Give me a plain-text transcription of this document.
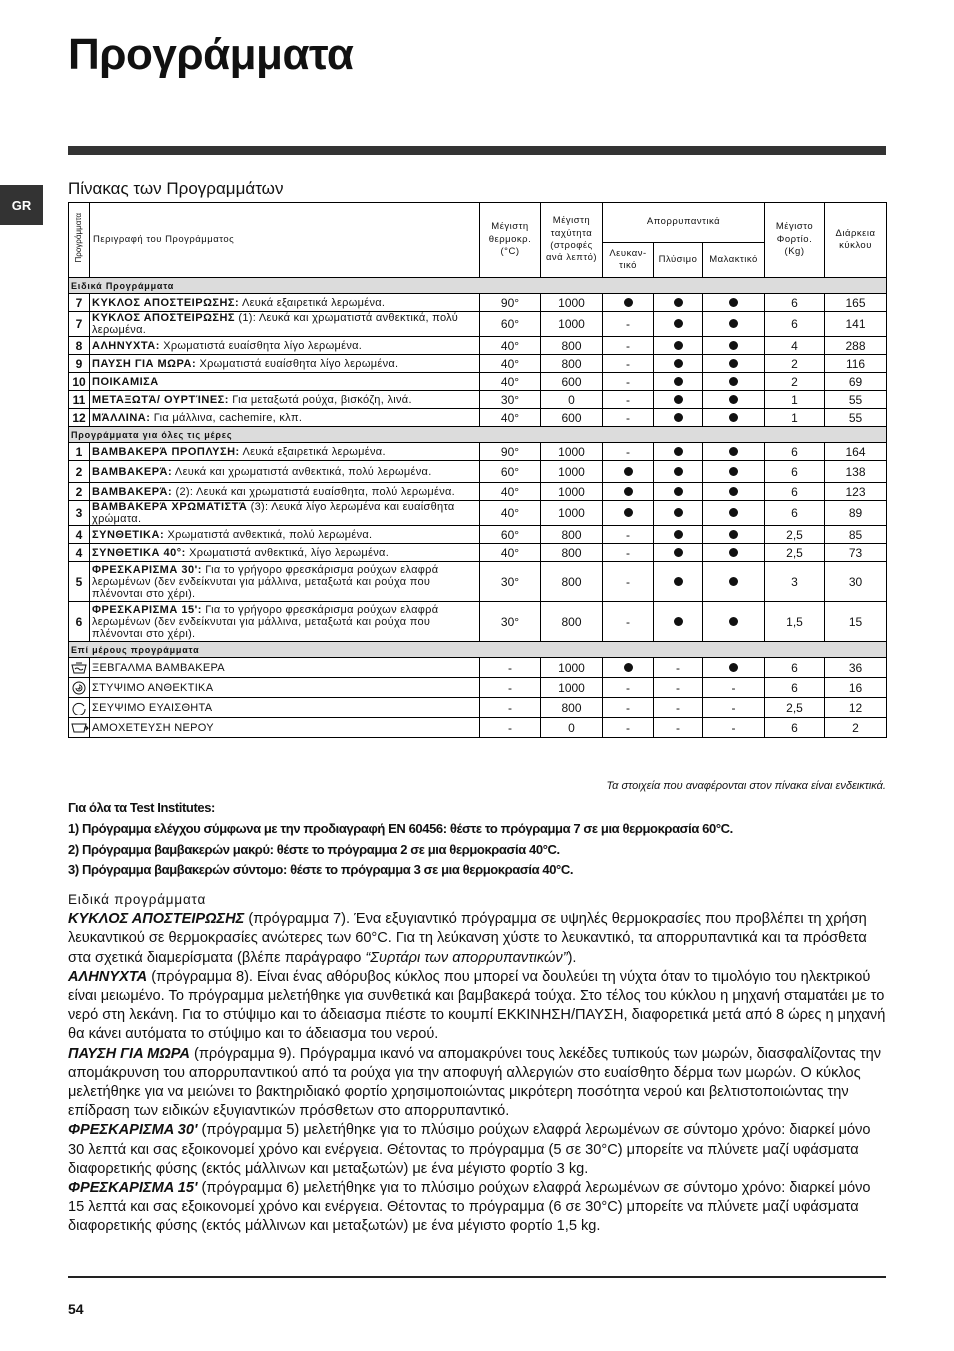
Προγράμματα
GR
Πίνακας των Προγραμμάτων
Προγράμματα	Περιγραφή του Προγράμματος	Μέγιστη θερμοκρ. (°C)	Μέγιστη ταχύτητα (στροφές ανά λεπτό)	Απορρυπαντικά			Μέγιστο Φορτίο. (Kg)	Διάρκεια κύκλου
				Λευκαν-τικό	Πλύσιμο	Μαλακτικό		
Ειδικά Προγράμματα								
7	ΚΥΚΛΟΣ ΑΠΟΣΤΕΙΡΩΣΗΣ: Λευκά εξαιρετικά λερωμένα.	90°	1000				6	165
7	ΚΥΚΛΟΣ ΑΠΟΣΤΕΙΡΩΣΗΣ (1): Λευκά και χρωματιστά ανθεκτικά, πολύ λερωμένα.	60°	1000	-			6	141
8	ΑΛΗΝΥΧΤΑ: Χρωματιστά ευαίσθητα λίγο λερωμένα.	40°	800	-			4	288
9	ΠΑΥΣΗ ΓΙΑ ΜΩΡΑ: Χρωματιστά ευαίσθητα λίγο λερωμένα.	40°	800	-			2	116
10	ΠΟΙΚΑΜΙΣΑ	40°	600	-			2	69
11	ΜΕΤΑΞΩΤΆ/ ΟΥΡΤΊΝΕΣ: Για μεταξωτά ρούχα, βισκόζη, λινά.	30°	0	-			1	55
12	ΜΆΛΛΙΝΑ: Για μάλλινα, cachemire, κλπ.	40°	600	-			1	55
Προγράμματα για όλες τις μέρες								
1	ΒΑΜΒΑΚΕΡΆ ΠΡΟΠΛΥΣΗ: Λευκά εξαιρετικά λερωμένα.	90°	1000	-			6	164
2	ΒΑΜΒΑΚΕΡΆ: Λευκά και χρωματιστά ανθεκτικά, πολύ λερωμένα.	60°	1000				6	138
2	ΒΑΜΒΑΚΕΡΆ: (2): Λευκά και χρωματιστά ευαίσθητα, πολύ λερωμένα.	40°	1000				6	123
3	ΒΑΜΒΑΚΕΡΆ ΧΡΩΜΑΤΙΣΤΆ (3): Λευκά λίγο λερωμένα και ευαίσθητα χρώματα.	40°	1000				6	89
4	ΣΥΝΘΕΤΙΚΑ: Χρωματιστά ανθεκτικά, πολύ λερωμένα.	60°	800	-			2,5	85
4	ΣΥΝΘΕΤΙΚΑ 40°: Χρωματιστά ανθεκτικά, λίγο λερωμένα.	40°	800	-			2,5	73
5	ΦΡΕΣΚΑΡΙΣΜΑ 30': Για το γρήγορο φρεσκάρισμα ρούχων ελαφρά λερωμένων (δεν ενδείκνυται για μάλλινα, μεταξωτά και ρούχα που πλένονται στο χέρι).	30°	800	-			3	30
6	ΦΡΕΣΚΑΡΙΣΜΑ 15': Για το γρήγορο φρεσκάρισμα ρούχων ελαφρά λερωμένων (δεν ενδείκνυται για μάλλινα, μεταξωτά και ρούχα που πλένονται στο χέρι).	30°	800	-			1,5	15
Επί μέρους προγράμματα								

	ΞΕΒΓΑΛΜΑ ΒΑΜΒΑΚΕΡΑ	-	1000		-		6	36

	ΣΤΥΨΙΜΟ ΑΝΘΕΚΤΙΚΑ	-	1000	-	-	-	6	16

	ΣΕΥΨΙΜΟ ΕΥΑΙΣΘΗΤΑ	-	800	-	-	-	2,5	12

	ΑΜΟΧΕΤΕΥΣΗ ΝΕΡΟΥ	-	0	-	-	-	6	2
Τα στοιχεία που αναφέρονται στον πίνακα είναι ενδεικτικά.
Για όλα τα Test Institutes:
1) Πρόγραμμα ελέγχου σύμφωνα με την προδιαγραφή EN 60456: θέστε το πρόγραμμα 7 σε μια θερμοκρασία 60°C.
2) Πρόγραμμα βαμβακερών μακρύ: θέστε το πρόγραμμα 2 σε μια θερμοκρασία 40°C.
3) Πρόγραμμα βαμβακερών σύντομο: θέστε το πρόγραμμα 3 σε μια θερμοκρασία 40°C.

Ειδικά προγράμματα

ΚΥΚΛΟΣ ΑΠΟΣΤΕΙΡΩΣΗΣ (πρόγραμμα 7). Ένα εξυγιαντικό πρόγραμμα σε υψηλές θερμοκρασίες που προβλέπει τη χρήση λευκαντικού σε θερμοκρασίες ανώτερες των 60°C. Για τη λεύκανση χύστε το λευκαντικό, τα απορρυπαντικά και τα πρόσθετα στα σχετικά διαμερίσματα (βλέπε παράγραφο “Συρτάρι των απορρυπαντικών”).

ΑΛΗΝΥΧΤΑ (πρόγραμμα 8). Είναι ένας αθόρυβος κύκλος που μπορεί να δουλεύει τη νύχτα όταν το τιμολόγιο του ηλεκτρικού είναι μειωμένο. Το πρόγραμμα μελετήθηκε για συνθετικά και βαμβακερά τούχα. Στο τέλος του κύκλου η μηχανή σταματάει με το νερό στη λεκάνη. Για το στύψιμο και το άδειασμα πιέστε το κουμπί ΕΚΚΙΝΗΣΗ/ΠΑΥΣΗ, διαφορετικά μετά από 8 ώρες η μηχανή θα κάνει αυτόματα το στύψιμο και το άδειασμα του νερού.

ΠΑΥΣΗ ΓΙΑ ΜΩΡΑ (πρόγραμμα 9). Πρόγραμμα ικανό να απομακρύνει τους λεκέδες τυπικούς των μωρών, διασφαλίζοντας την απομάκρυνση του απορρυπαντικού από τα ρούχα για την αποφυγή αλλεργιών στο ευαίσθητο δέρμα των μωρών. Ο κύκλος μελετήθηκε για να μειώνει το βακτηριδιακό φορτίο χρησιμοποιώντας μικρότερη ποσότητα νερού και βελτιστοποιώντας την επίδραση των ειδικών εξυγιαντικών πρόσθετων στο απορρυπαντικό.

ΦΡΕΣΚΑΡΙΣΜΑ 30' (πρόγραμμα 5) μελετήθηκε για το πλύσιμο ρούχων ελαφρά λερωμένων σε σύντομο χρόνο: διαρκεί μόνο 30 λεπτά και σας εξοικονομεί χρόνο και ενέργεια. Θέτοντας το πρόγραμμα (5 σε 30°C) μπορείτε να πλύνετε μαζί υφάσματα διαφορετικής φύσης (εκτός μάλλινων και μεταξωτών) με ένα μέγιστο φορτίο 3 kg.

ΦΡΕΣΚΑΡΙΣΜΑ 15' (πρόγραμμα 6) μελετήθηκε για το πλύσιμο ρούχων ελαφρά λερωμένων σε σύντομο χρόνο: διαρκεί μόνο 15 λεπτά και σας εξοικονομεί χρόνο και ενέργεια. Θέτοντας το πρόγραμμα (6 σε 30°C) μπορείτε να πλύνετε μαζί υφάσματα διαφορετικής φύσης (εκτός μάλλινων και μεταξωτών) με ένα μέγιστο φορτίο 1,5 kg.

54
